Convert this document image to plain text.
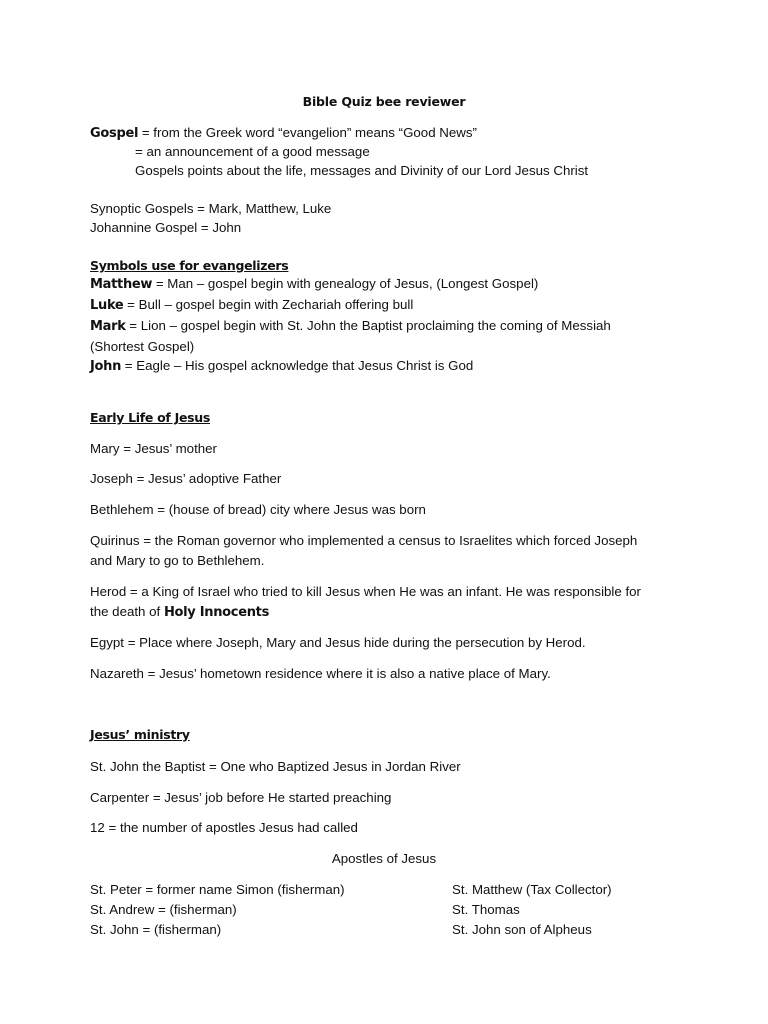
Bible Quiz bee reviewer
Gospel = from the Greek word “evangelion” means “Good News”
= an announcement of a good message
Gospels points about the life, messages and Divinity of our Lord Jesus Christ
Synoptic Gospels = Mark, Matthew, Luke
Johannine Gospel = John
Symbols use for evangelizers
Matthew = Man – gospel begin with genealogy of Jesus, (Longest Gospel)
Luke = Bull – gospel begin with Zechariah offering bull
Mark = Lion – gospel begin with St. John the Baptist proclaiming the coming of Messiah
(Shortest Gospel)
John = Eagle – His gospel acknowledge that Jesus Christ is God
Early Life of Jesus
Mary = Jesus’ mother
Joseph = Jesus’ adoptive Father
Bethlehem = (house of bread) city where Jesus was born
Quirinus = the Roman governor who implemented a census to Israelites which forced Joseph
and Mary to go to Bethlehem.
Herod = a King of Israel who tried to kill Jesus when He was an infant. He was responsible for
the death of Holy Innocents
Egypt = Place where Joseph, Mary and Jesus hide during the persecution by Herod.
Nazareth = Jesus’ hometown residence where it is also a native place of Mary.
Jesus’ ministry
St. John the Baptist = One who Baptized Jesus in Jordan River
Carpenter = Jesus’ job before He started preaching
12 = the number of apostles Jesus had called
Apostles of Jesus
St. Peter = former name Simon (fisherman)
St. Andrew = (fisherman)
St. John = (fisherman)
St. Matthew (Tax Collector)
St. Thomas
St. John son of Alpheus
